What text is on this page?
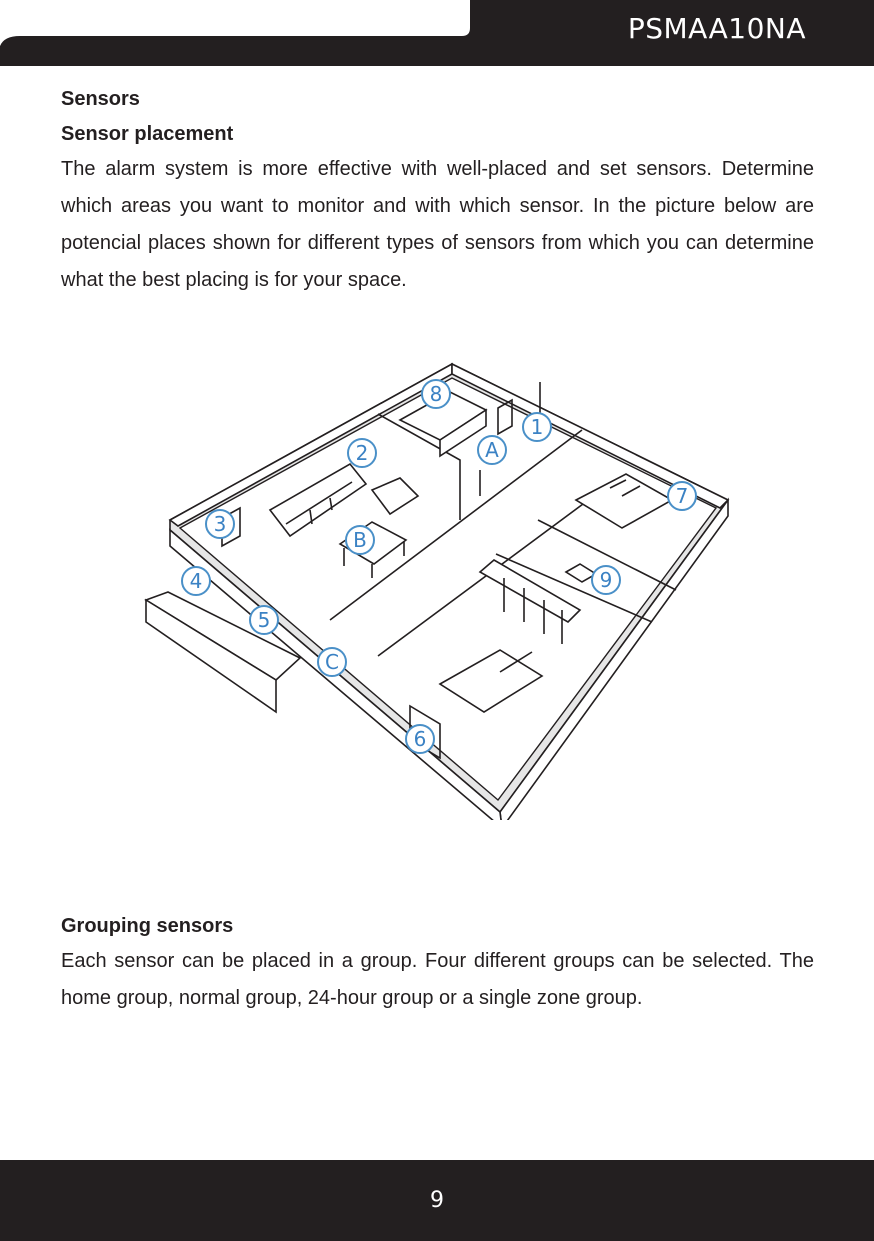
PSMAA10NA
Sensors
Sensor placement

The alarm system is more effective with well-placed and set sensors. Determine which areas you want to monitor and with which sensor. In the picture below are potencial places shown for different types of sensors from which you can determine what the best placing is for your space.

1
2
3
4
5
6
7
8
9
A
B
C
Grouping sensors

Each sensor can be placed in a group. Four different groups can be selected. The home group, normal group, 24-hour group or a single zone group.

9
